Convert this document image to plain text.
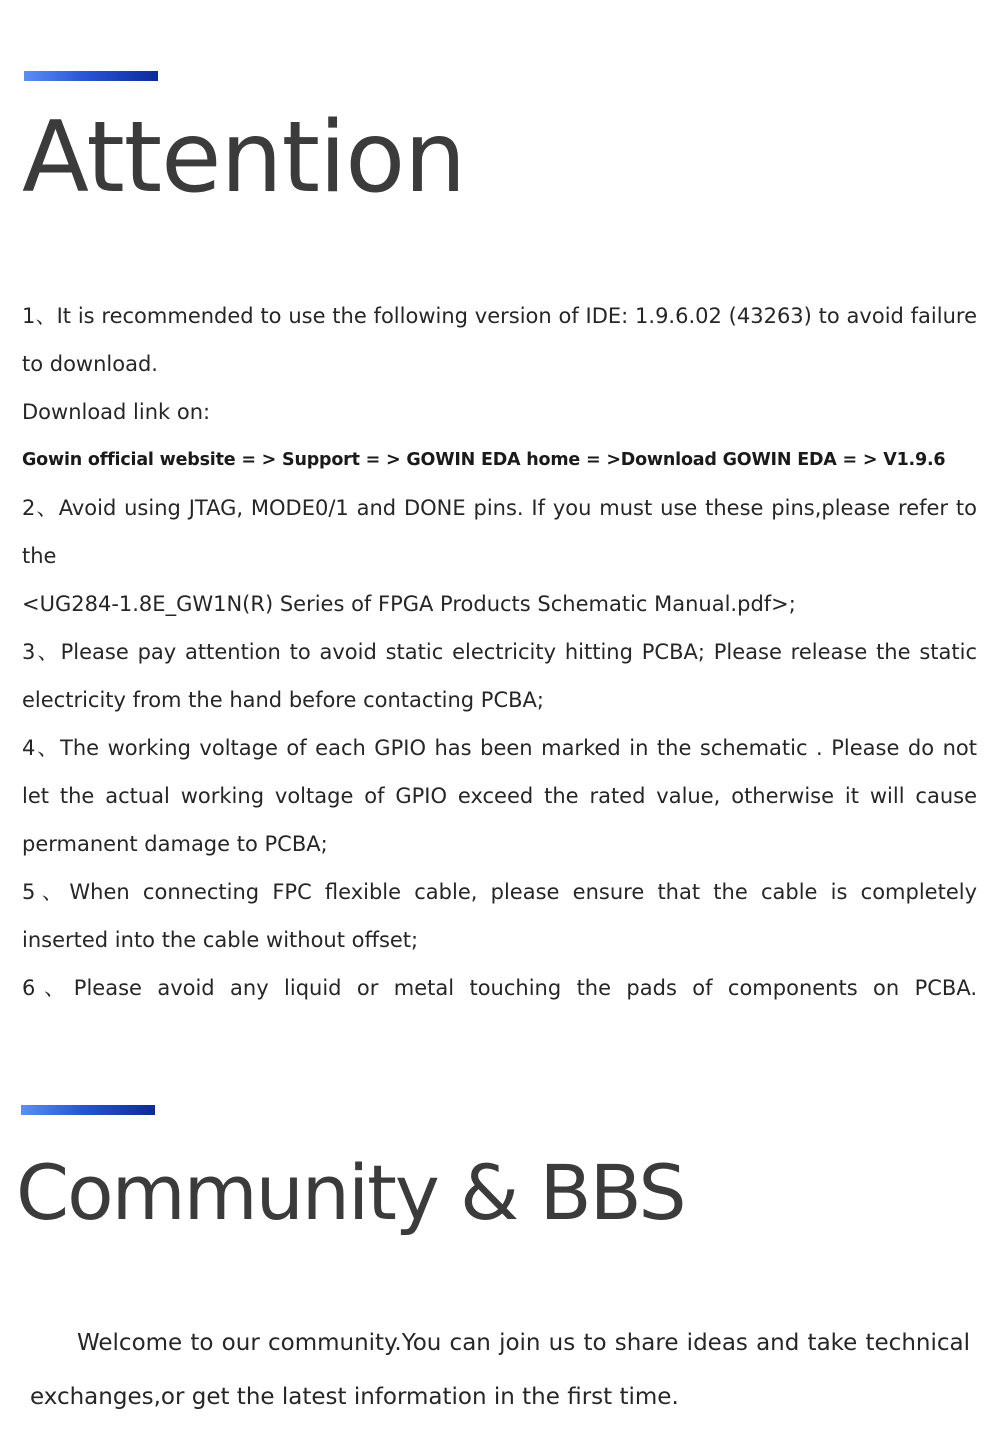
Attention

1、It is recommended to use the following version of IDE: 1.9.6.02 (43263) to avoid failure to download.

Download link on:

Gowin official website = > Support = > GOWIN EDA home = >Download GOWIN EDA = > V1.9.6

2、Avoid using JTAG, MODE0/1 and DONE pins. If you must use these pins,please refer to the

<UG284-1.8E_GW1N(R) Series of FPGA Products Schematic Manual.pdf>;

3、Please pay attention to avoid static electricity hitting PCBA; Please release the static electricity from the hand before contacting PCBA;

4、The working voltage of each GPIO has been marked in the schematic . Please do not let the actual working voltage of GPIO exceed the rated value, otherwise it will cause permanent damage to PCBA;

5、When connecting FPC flexible cable, please ensure that the cable is completely inserted into the cable without offset;

6、Please avoid any liquid or metal touching the pads of components on PCBA.

Community & BBS

Welcome to our community.You can join us to share ideas and take technical exchanges,or get the latest information in the first time.
